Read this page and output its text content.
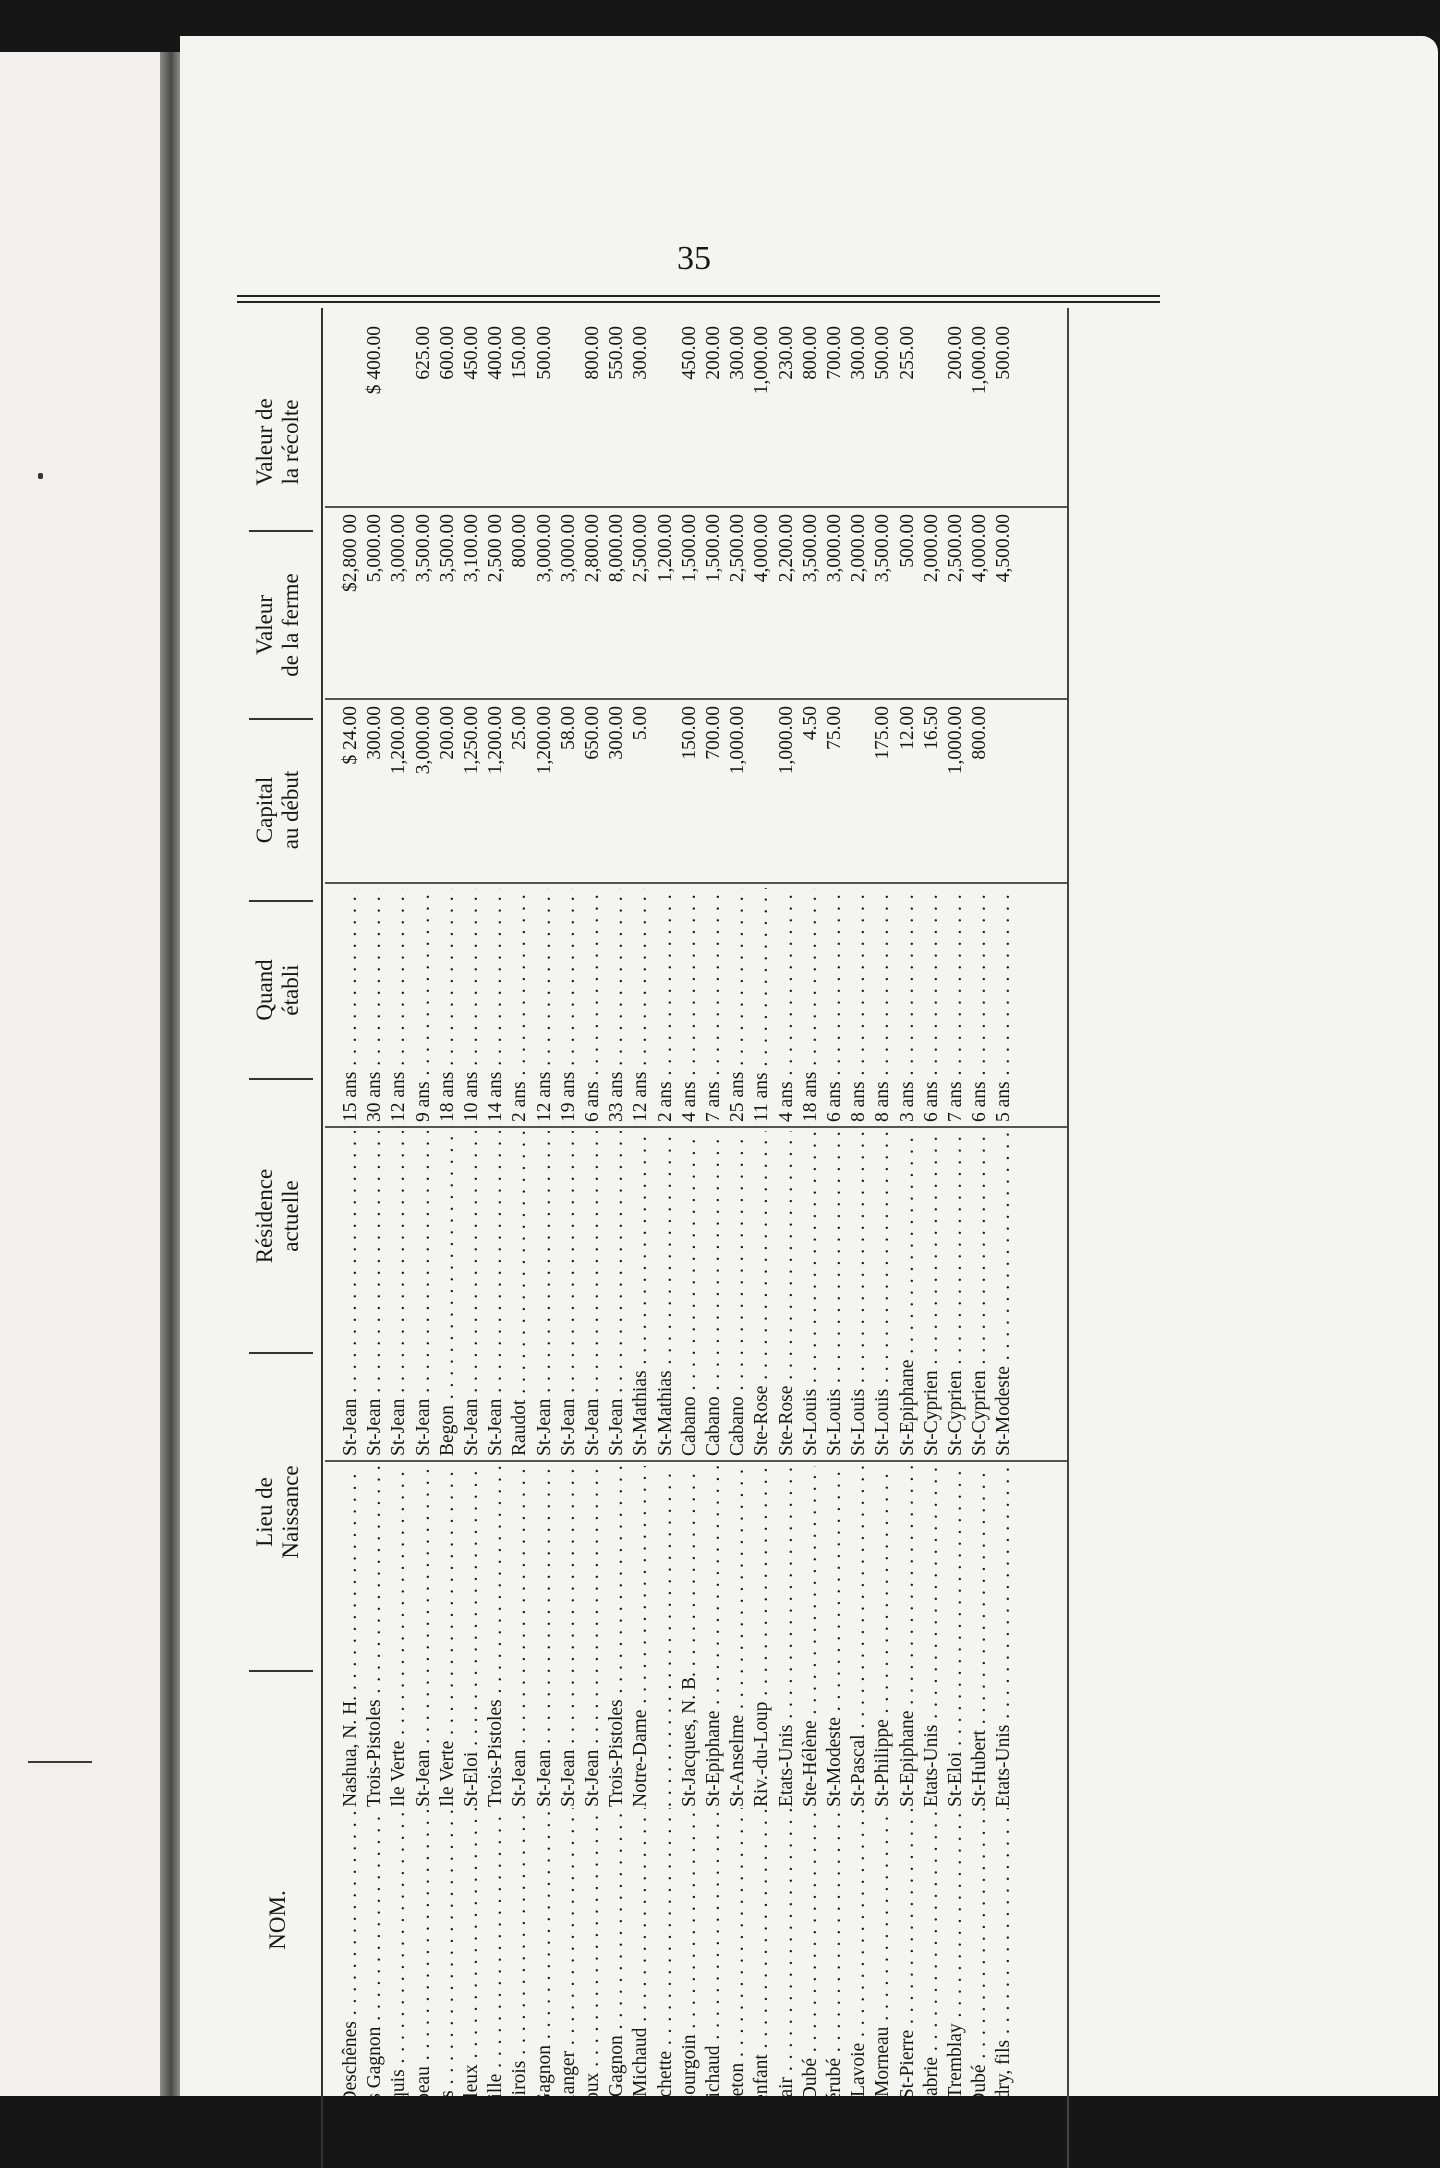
35
NOM.
Lieu de
Naissance
Résidence
actuelle
Quand
établi
Capital
au début
Valeur
de la ferme
Valeur de
la récolte
Pierre Deschênes . . .
Nashua, N. H. . . .
St-Jean . . .
15 ans . . .
$ 24.00
$2,800 00
Thomas Gagnon . . .
Trois-Pistoles . . .
St-Jean . . .
30 ans . . .
300.00
5,000.00
$ 400.00
Z. Marquis . . .
Ile Verte . . .
St-Jean . . .
12 ans . . .
1,200.00
3,000.00
O. Drapeau . . .
St-Jean . . .
St-Jean . . .
9 ans . . .
3,000.00
3,500.00
625.00
T. Sirois . . .
Ile Verte . . .
Begon . . .
18 ans . . .
200.00
3,500.00
600.00
J. Veuilleux . . .
St-Eloi . . .
St-Jean . . .
10 ans . . .
1,250.00
3,100.00
450.00
E. Belzille . . .
Trois-Pistoles . . .
St-Jean . . .
14 ans . . .
1,200.00
2,500 00
400.00
Théo. Sirois . . .
St-Jean . . .
Raudot . . .
2 ans . . .
25.00
800.00
150.00
Louis Gagnon . . .
St-Jean . . .
St-Jean . . .
12 ans . . .
1,200.00
3,000.00
500.00
Frs. Bélanger . . .
St-Jean . . .
St-Jean . . .
19 ans . . .
58.00
3,000.00
Elz. Rioux . . .
St-Jean . . .
St-Jean . . .
6 ans . . .
650.00
2,800.00
800.00
Hilaire Gagnon . . .
Trois-Pistoles . . .
St-Jean . . .
33 ans . . .
300.00
8,000.00
550.00
Cyrille Michaud . . .
Notre-Dame . . .
St-Mathias . . .
12 ans . . .
5.00
2,500.00
300.00
E. Blanchette . . .
. . .
St-Mathias . . .
2 ans . . .
1,200.00
G.-R. Bourgoin . . .
St-Jacques, N. B. . . .
Cabano . . .
4 ans . . .
150.00
1,500.00
450.00
Ben. Michaud . . .
St-Epiphane . . .
Cabano . . .
7 ans . . .
700.00
1,500.00
200.00
Chs. Breton . . .
St-Anselme . . .
Cabano . . .
25 ans . . .
1,000.00
2,500.00
300.00
Z. Malenfant . . .
Riv.-du-Loup . . .
Ste-Rose . . .
11 ans . . .
4,000.00
1,000.00
O. Leclair . . .
Etats-Unis . . .
Ste-Rose . . .
4 ans . . .
1,000.00
2,200.00
230.00
Alfred Dubé . . .
Ste-Hélène . . .
St-Louis . . .
18 ans . . .
4.50
3,500.00
800.00
L.-P. Bérubé . . .
St-Modeste . . .
St-Louis . . .
6 ans . . .
75.00
3,000.00
700.00
Odilon Lavoie . . .
St-Pascal . . .
St-Louis . . .
8 ans . . .
2,000.00
300.00
Sifroid Morneau . . .
St-Philippe . . .
St-Louis . . .
8 ans . . .
175.00
3,500.00
500.00
Ignace St-Pierre . . .
St-Epiphane . . .
St-Epiphane . . .
3 ans . . .
12.00
500.00
255.00
Israel Labrie . . .
Etats-Unis . . .
St-Cyprien . . .
6 ans . . .
16.50
2,000.00
Lazare Tremblay . . .
St-Eloi . . .
St-Cyprien . . .
7 ans . . .
1,000.00
2,500.00
200.00
Louis Dubé . . .
St-Hubert . . .
St-Cyprien . . .
6 ans . . .
800.00
4,000.00
1,000.00
W. Landry, fils . . .
Etats-Unis . . .
St-Modeste . . .
5 ans . . .
4,500.00
500.00
